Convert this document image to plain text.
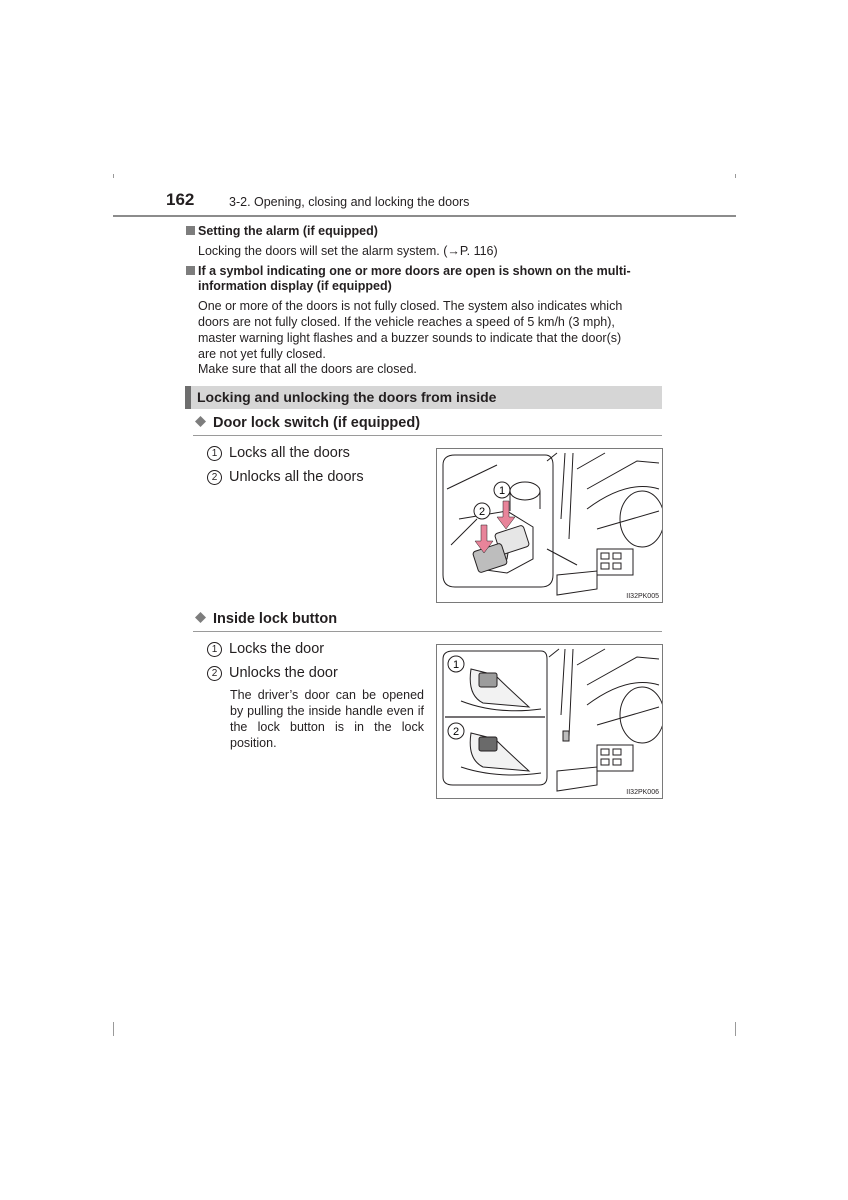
162	3-2. Opening, closing and locking the doors
Setting the alarm (if equipped)
Locking the doors will set the alarm system. (→P. 116)
If a symbol indicating one or more doors are open is shown on the multi-
information display (if equipped)
One or more of the doors is not fully closed. The system also indicates which
doors are not fully closed. If the vehicle reaches a speed of 5 km/h (3 mph),
master warning light flashes and a buzzer sounds to indicate that the door(s)
are not yet fully closed.
Make sure that all the doors are closed.
Locking and unlocking the doors from inside
Door lock switch (if equipped)
1 Locks all the doors
2 Unlocks all the doors
1
2
II32PK005
Inside lock button
1 Locks the door
2 Unlocks the door
The driver’s door can be opened by pulling the inside handle even if the lock button is in the lock position.
1
2
II32PK006
